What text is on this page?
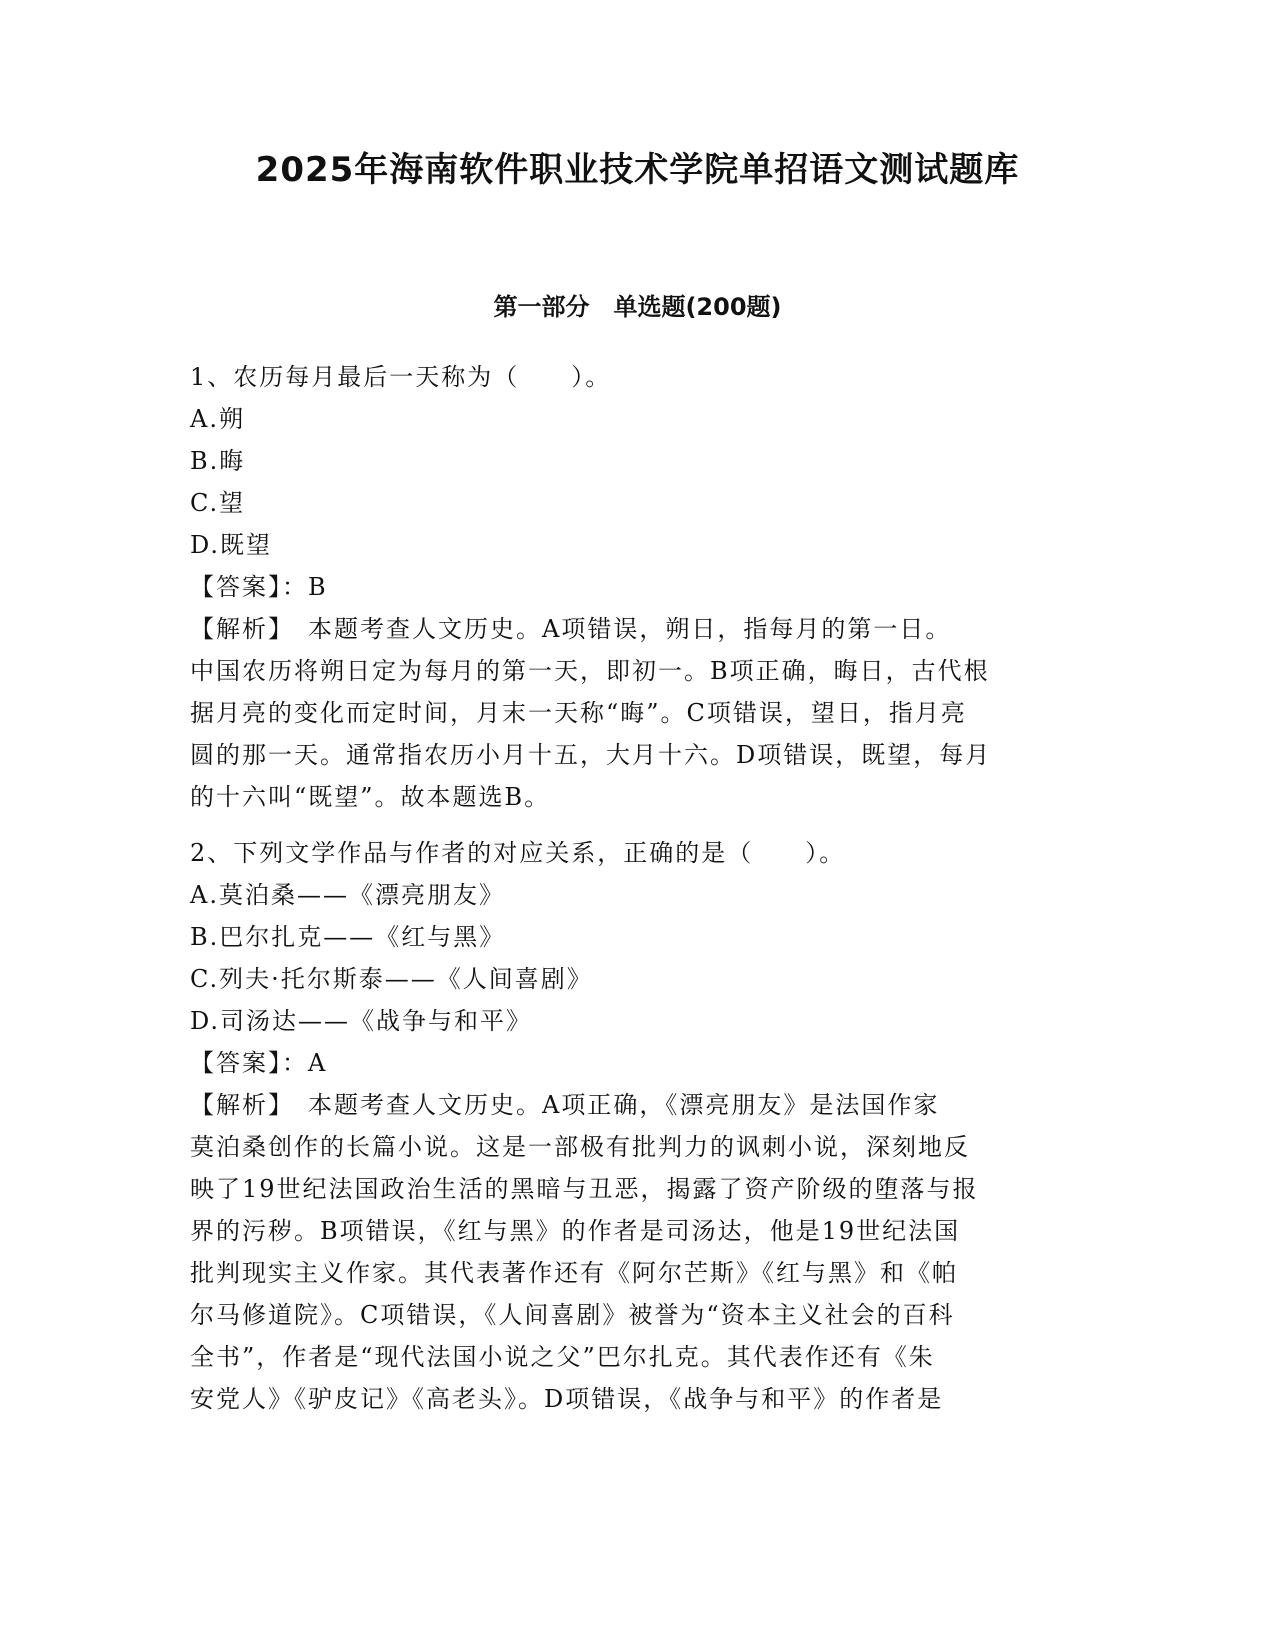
2025年海南软件职业技术学院单招语文测试题库
第一部分　单选题(200题)
1、农历每月最后一天称为（　　）。
A.朔
B.晦
C.望
D.既望
【答案】：B
【解析】　本题考查人文历史。A项错误，朔日，指每月的第一日。
中国农历将朔日定为每月的第一天，即初一。B项正确，晦日，古代根
据月亮的变化而定时间，月末一天称“晦”。C项错误，望日，指月亮
圆的那一天。通常指农历小月十五，大月十六。D项错误，既望，每月
的十六叫“既望”。故本题选B。
2、下列文学作品与作者的对应关系，正确的是（　　）。
A.莫泊桑——《漂亮朋友》
B.巴尔扎克——《红与黑》
C.列夫·托尔斯泰——《人间喜剧》
D.司汤达——《战争与和平》
【答案】：A
【解析】　本题考查人文历史。A项正确，《漂亮朋友》是法国作家
莫泊桑创作的长篇小说。这是一部极有批判力的讽刺小说，深刻地反
映了19世纪法国政治生活的黑暗与丑恶，揭露了资产阶级的堕落与报
界的污秽。B项错误，《红与黑》的作者是司汤达，他是19世纪法国
批判现实主义作家。其代表著作还有《阿尔芒斯》《红与黑》和《帕
尔马修道院》。C项错误，《人间喜剧》被誉为“资本主义社会的百科
全书”，作者是“现代法国小说之父”巴尔扎克。其代表作还有《朱
安党人》《驴皮记》《高老头》。D项错误，《战争与和平》的作者是
